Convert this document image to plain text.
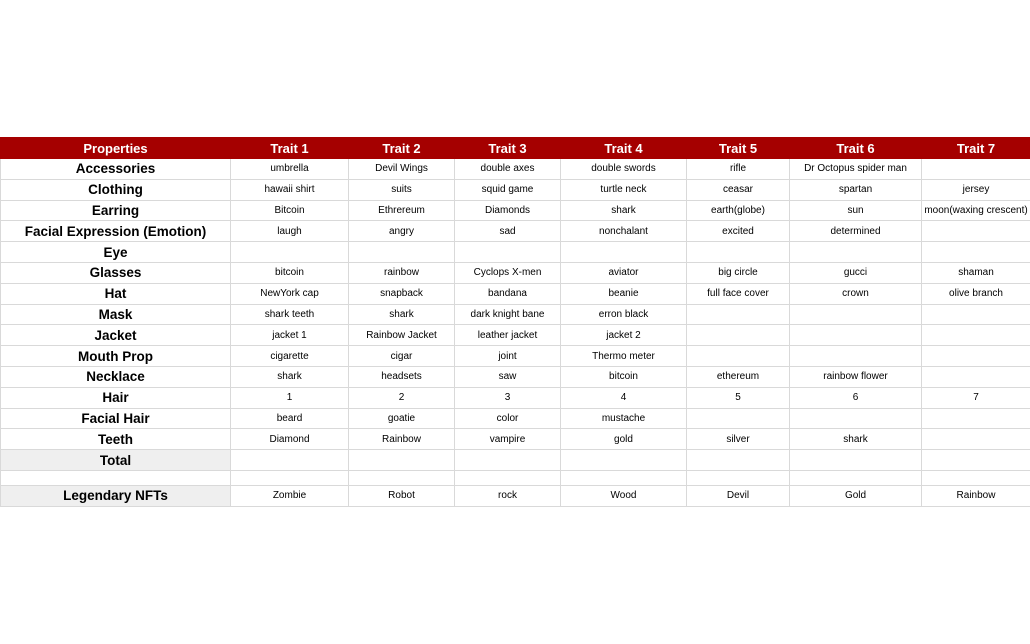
Properties	Trait 1	Trait 2	Trait 3	Trait 4	Trait 5	Trait 6	Trait 7
Accessories	umbrella	Devil Wings	double axes	double swords	rifle	Dr Octopus spider man	
Clothing	hawaii shirt	suits	squid game	turtle neck	ceasar	spartan	jersey
Earring	Bitcoin	Ethrereum	Diamonds	shark	earth(globe)	sun	moon(waxing crescent)
Facial Expression (Emotion)	laugh	angry	sad	nonchalant	excited	determined	
Eye							
Glasses	bitcoin	rainbow	Cyclops X-men	aviator	big circle	gucci	shaman
Hat	NewYork cap	snapback	bandana	beanie	full face cover	crown	olive branch
Mask	shark teeth	shark	dark knight bane	erron black			
Jacket	jacket 1	Rainbow Jacket	leather jacket	jacket 2			
Mouth Prop	cigarette	cigar	joint	Thermo meter			
Necklace	shark	headsets	saw	bitcoin	ethereum	rainbow flower	
Hair	1	2	3	4	5	6	7
Facial Hair	beard	goatie	color	mustache			
Teeth	Diamond	Rainbow	vampire	gold	silver	shark	
Total							

Legendary NFTs	Zombie	Robot	rock	Wood	Devil	Gold	Rainbow
